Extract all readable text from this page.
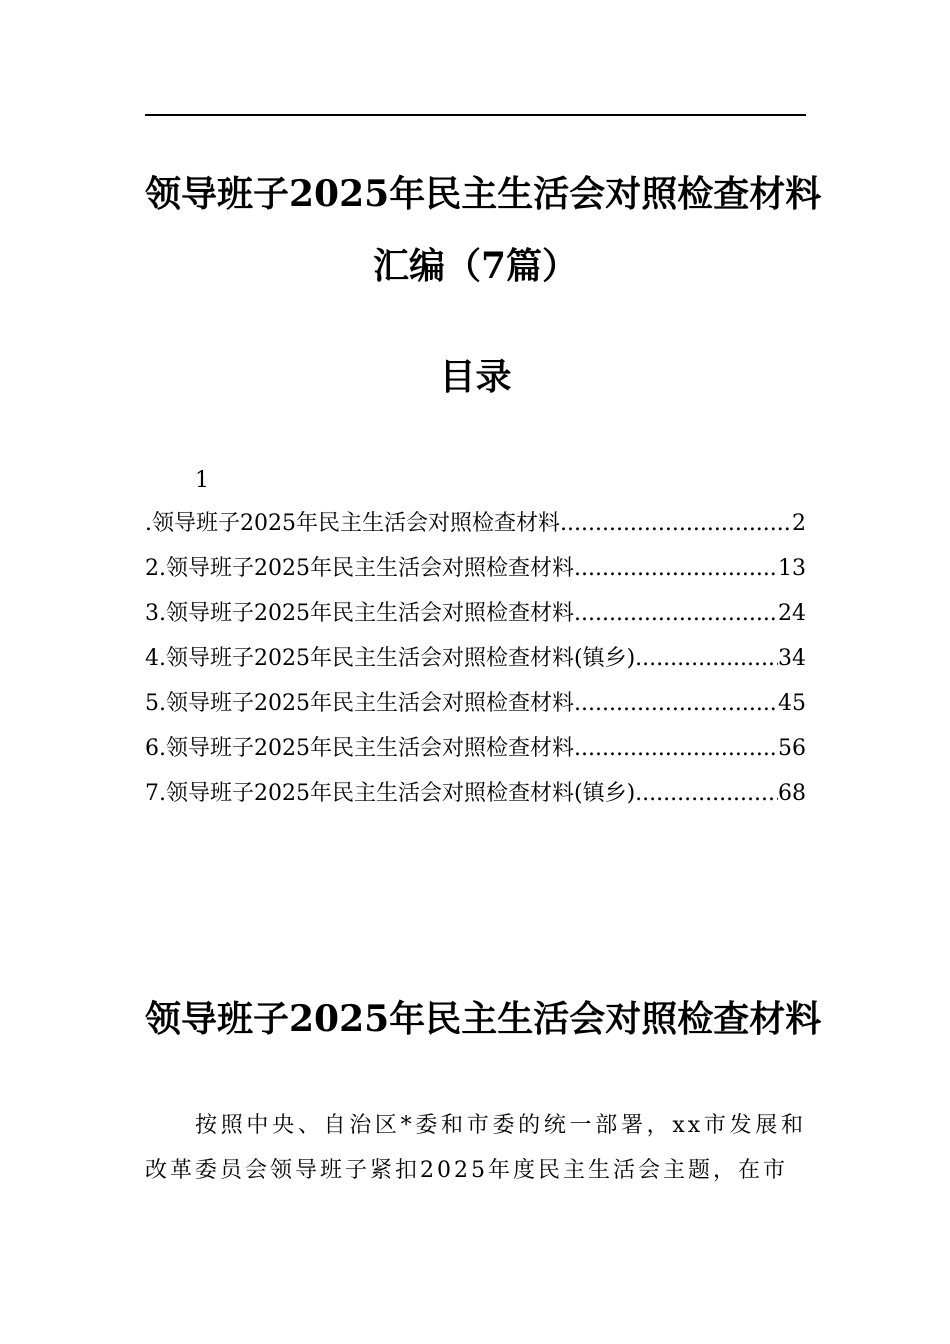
领导班子2025年民主生活会对照检查材料
汇编（7篇）
目录
1
. 领导班子2025年民主生活会对照检查材料 .....	2
2. 领导班子2025年民主生活会对照检查材料 .....	13
3. 领导班子2025年民主生活会对照检查材料 .....	24
4. 领导班子2025年民主生活会对照检查材料(镇乡) .....	34
5. 领导班子2025年民主生活会对照检查材料 .....	45
6. 领导班子2025年民主生活会对照检查材料 .....	56
7. 领导班子2025年民主生活会对照检查材料(镇乡) .....	68
领导班子2025年民主生活会对照检查材料
按照中央、自治区*委和市委的统一部署，xx市发展和改革委员会领导班子紧扣2025年度民主生活会主题，在市
